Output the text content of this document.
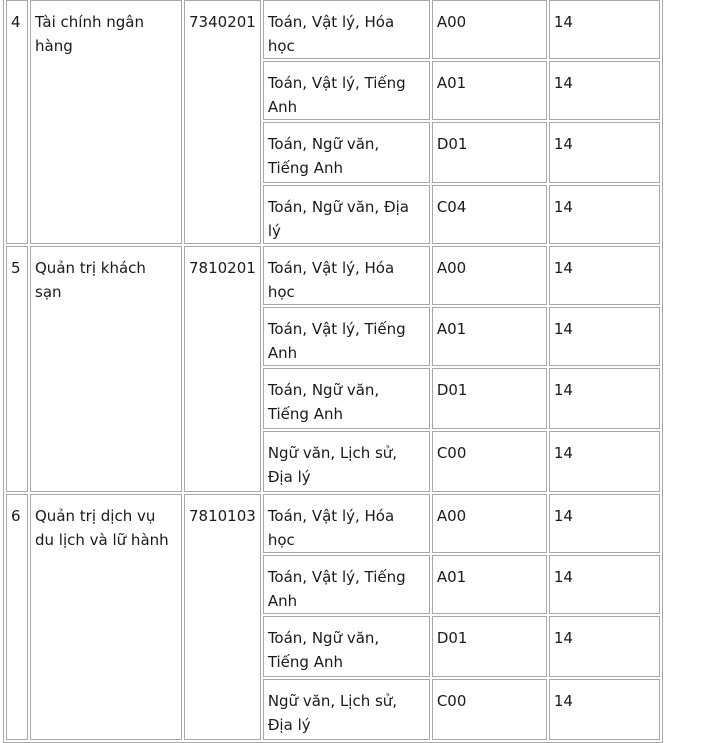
4	Tài chính ngân hàng	7340201	Toán, Vật lý, Hóa học	A00	14
			Toán, Vật lý, Tiếng Anh	A01	14
			Toán, Ngữ văn, Tiếng Anh	D01	14
			Toán, Ngữ văn, Địa lý	C04	14
5	Quản trị khách sạn	7810201	Toán, Vật lý, Hóa học	A00	14
			Toán, Vật lý, Tiếng Anh	A01	14
			Toán, Ngữ văn, Tiếng Anh	D01	14
			Ngữ văn, Lịch sử, Địa lý	C00	14
6	Quản trị dịch vụ du lịch và lữ hành	7810103	Toán, Vật lý, Hóa học	A00	14
			Toán, Vật lý, Tiếng Anh	A01	14
			Toán, Ngữ văn, Tiếng Anh	D01	14
			Ngữ văn, Lịch sử, Địa lý	C00	14
